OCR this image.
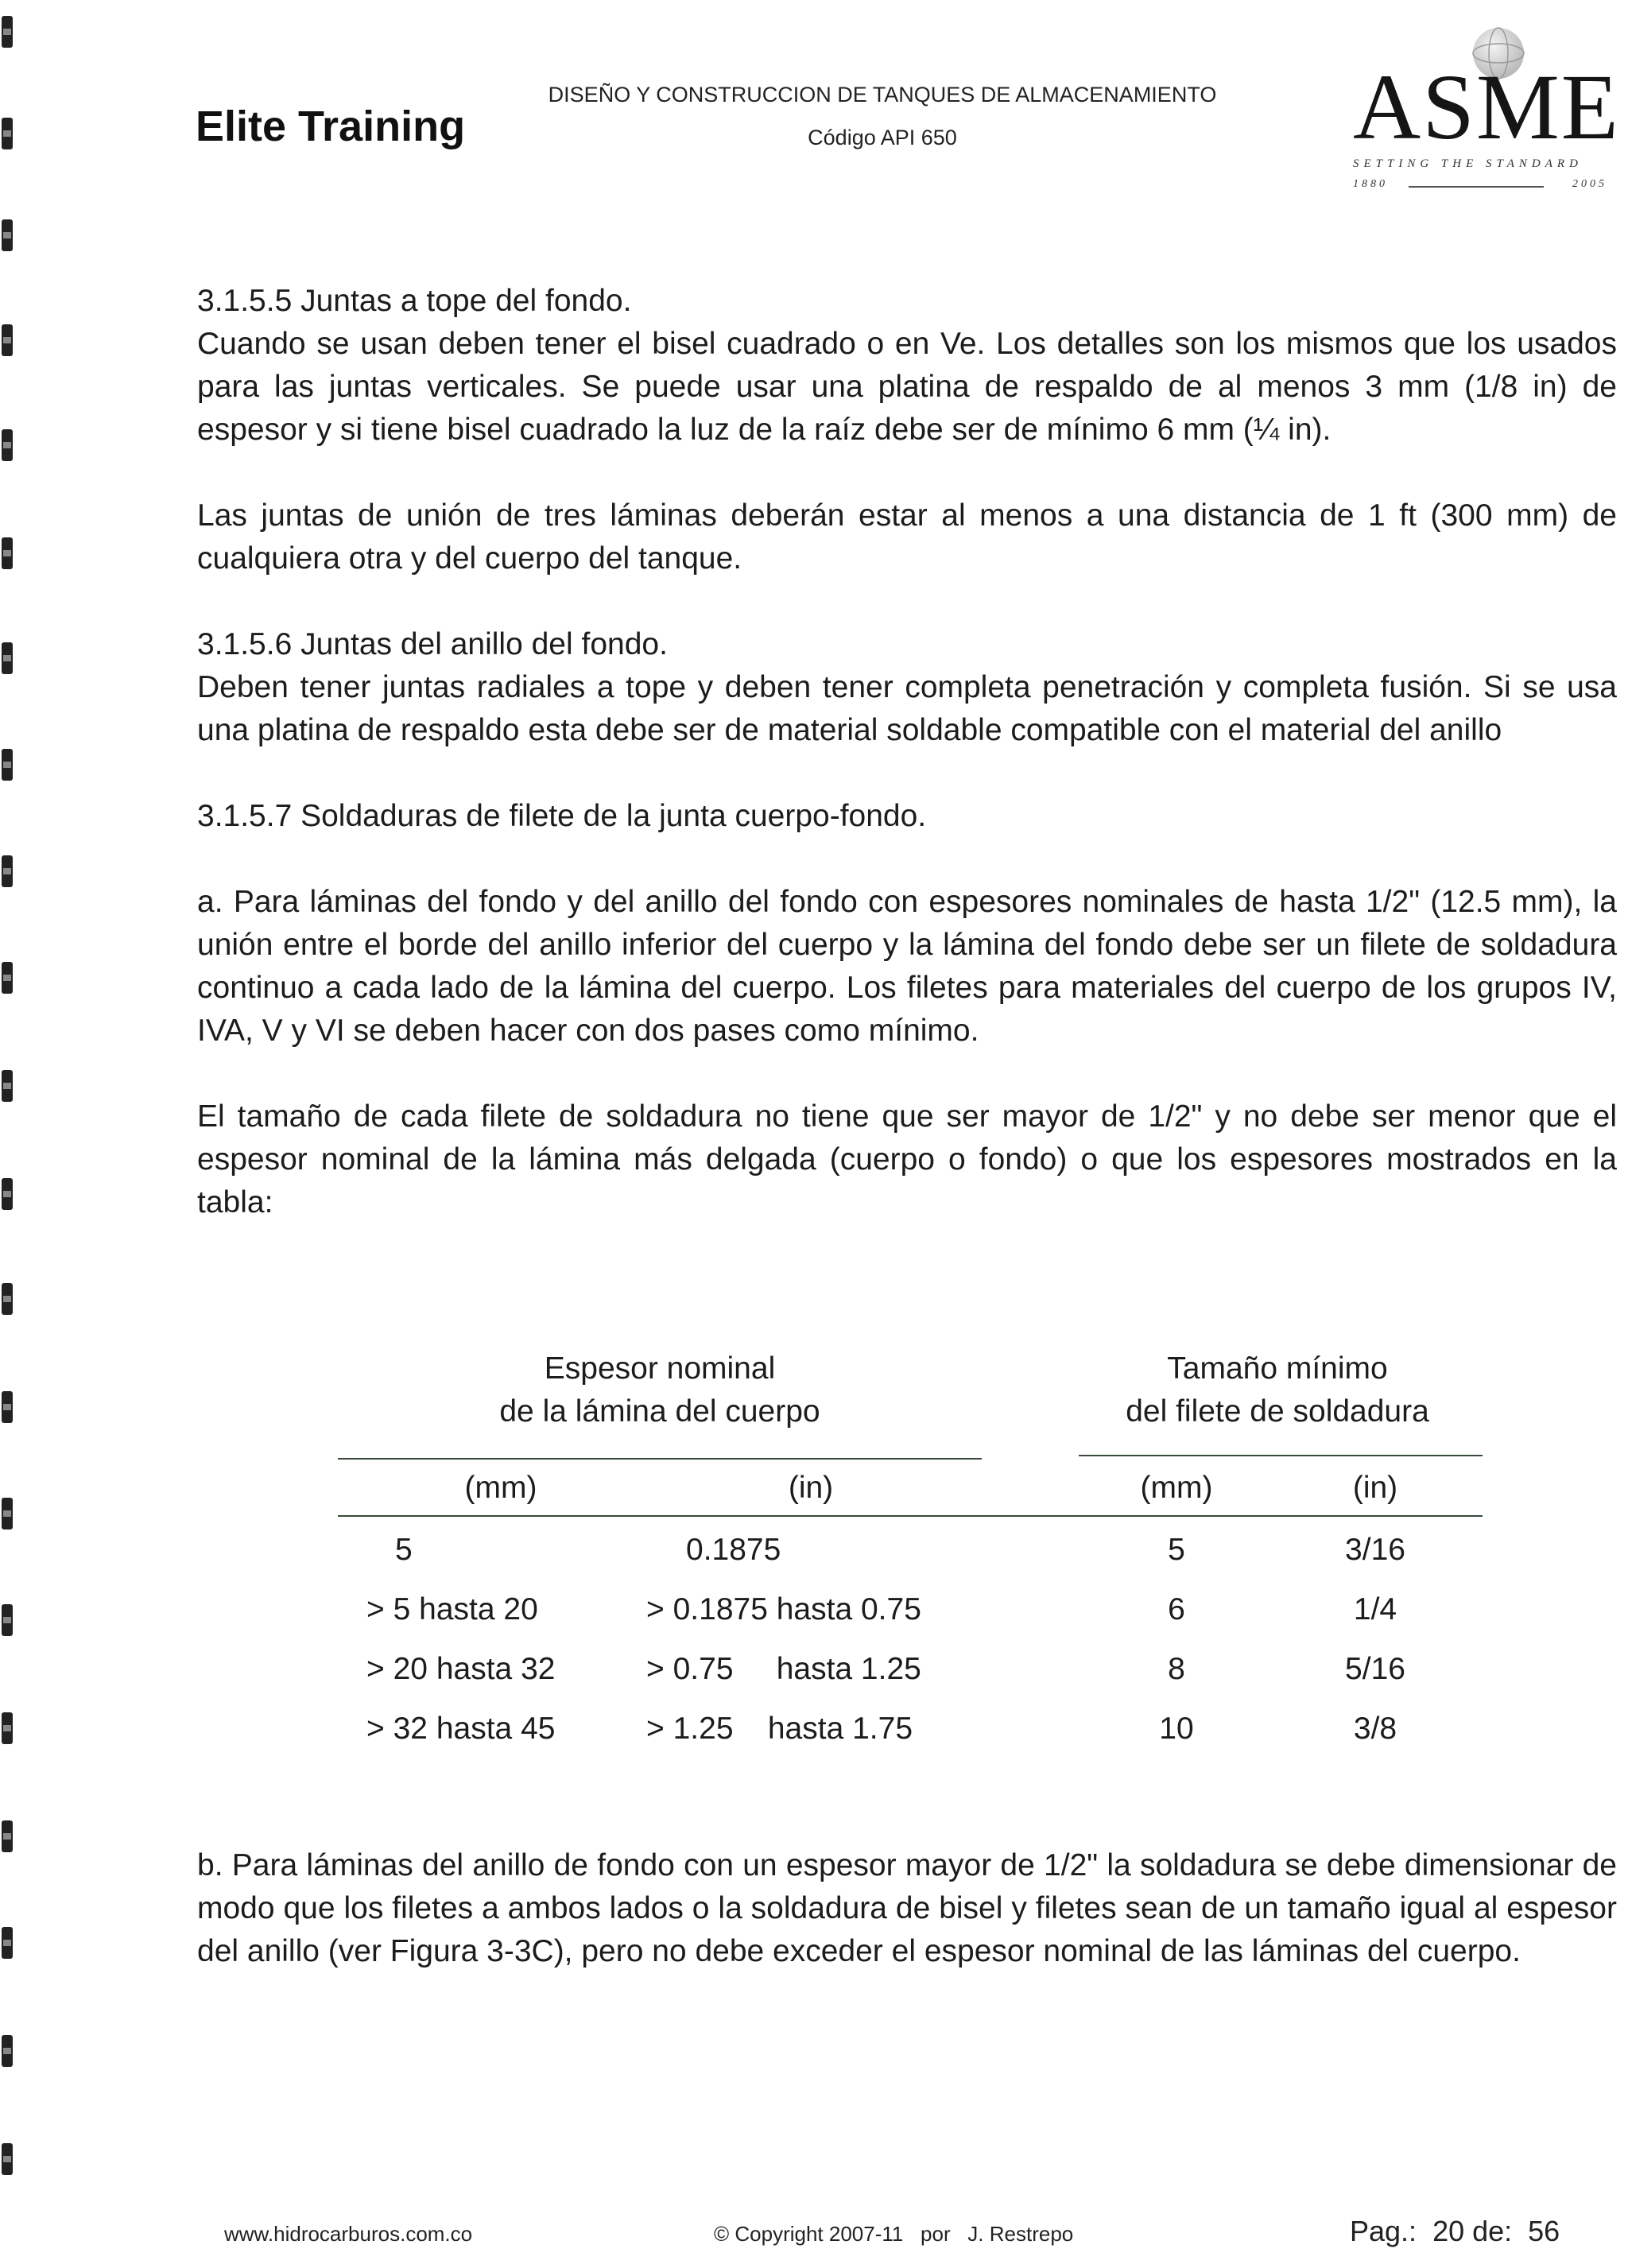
Elite Training
DISEÑO Y CONSTRUCCION DE TANQUES DE ALMACENAMIENTO
Código API 650	ASME
SETTING THE STANDARD
1880	2005

3.1.5.5 Juntas a tope del fondo.

Cuando se usan deben tener el bisel cuadrado o en Ve. Los detalles son los mismos que los usados para las juntas verticales. Se puede usar una platina de respaldo de al menos 3 mm (1/8 in) de espesor y si tiene bisel cuadrado la luz de la raíz debe ser de mínimo 6 mm (¼ in).

Las juntas de unión de tres láminas deberán estar al menos a una distancia de 1 ft (300 mm) de cualquiera otra y del cuerpo del tanque.

3.1.5.6 Juntas del anillo del fondo.

Deben tener juntas radiales a tope y deben tener completa penetración y completa fusión. Si se usa una platina de respaldo esta debe ser de material soldable compatible con el material del anillo

3.1.5.7 Soldaduras de filete de la junta cuerpo-fondo.

a. Para láminas del fondo y del anillo del fondo con espesores nominales de hasta 1/2" (12.5 mm), la unión entre el borde del anillo inferior del cuerpo y la lámina del fondo debe ser un filete de soldadura continuo a cada lado de la lámina del cuerpo. Los filetes para materiales del cuerpo de los grupos IV, IVA, V y VI se deben hacer con dos pases como mínimo.

El tamaño de cada filete de soldadura no tiene que ser mayor de 1/2" y no debe ser menor que el espesor nominal de la lámina más delgada (cuerpo o fondo) o que los espesores mostrados en la tabla:

Espesor nominal
de la lámina del cuerpo
Tamaño mínimo
del filete de soldadura
(mm)	(in)	(mm)	(in)
5	0.1875	5	3/16
> 5 hasta 20	> 0.1875 hasta 0.75	6	1/4
> 20 hasta 32	> 0.75     hasta 1.25	8	5/16
> 32 hasta 45	> 1.25    hasta 1.75	10	3/8

b. Para láminas del anillo de fondo con un espesor mayor de 1/2" la soldadura se debe dimensionar de modo que los filetes a ambos lados o la soldadura de bisel y filetes sean de un tamaño igual al espesor del anillo (ver Figura 3-3C), pero no debe exceder el espesor nominal de las láminas del cuerpo.

www.hidrocarburos.com.co	© Copyright 2007-11   por   J. Restrepo	Pag.:  20 de:  56
